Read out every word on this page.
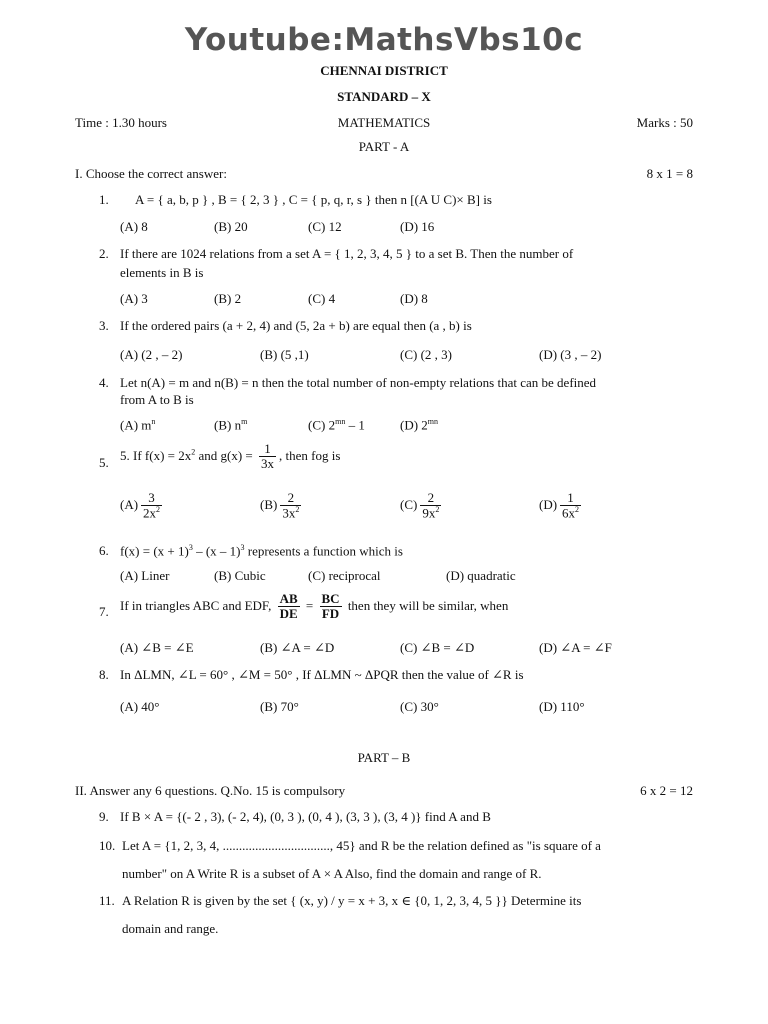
Youtube:MathsVbs10c
CHENNAI DISTRICT
STANDARD – X
Time : 1.30 hours	MATHEMATICS	Marks : 50
PART - A
I. Choose the correct answer:	8 x 1 = 8
1. A = { a, b, p } , B = { 2, 3 } , C = { p, q, r, s } then n [(A U C)× B] is
(A) 8	(B) 20	(C) 12	(D) 16
2. If there are 1024 relations from a set A = { 1, 2, 3, 4, 5 } to a set B. Then the number of
elements in B is
(A) 3	(B) 2	(C) 4	(D) 8
3. If the ordered pairs (a + 2, 4) and (5, 2a + b) are equal then (a , b) is
(A) (2 , – 2)	(B) (5 ,1)	(C) (2 , 3)	(D) (3 , – 2)
4. Let n(A) = m and n(B) = n then the total number of non-empty relations that can be defined
from A to B is
(A) $m^n$	(B) $n^m$	(C) $2^{mn} - 1$	(D) $2^{mn}$
5. 5. If $f(x) = 2x^2$ and $g(x) = \frac{1}{3x}$ , then fog is
$(A) \frac{3}{2x^2}$	$(B) \frac{2}{3x^2}$	$(C) \frac{2}{9x^2}$	$(D) \frac{1}{6x^2}$
6. $f(x) = (x + 1)^3 - (x - 1)^3$ represents a function which is
(A) Liner	(B) Cubic	(C) reciprocal	(D) quadratic
7. If in triangles ABC and EDF, $\frac{AB}{DE} = \frac{BC}{FD}$ then they will be similar, when
(A) ∠B = ∠E	(B) ∠A = ∠D	(C) ∠B = ∠D	(D) ∠A = ∠F
8. In ΔLMN, ∠L = 60° , ∠M = 50° , If ΔLMN ~ ΔPQR then the value of ∠R is
(A) 40°	(B) 70°	(C) 30°	(D) 110°
PART – B
II. Answer any 6 questions. Q.No. 15 is compulsory	6 x 2 = 12
9. If B × A = {(- 2 , 3), (- 2, 4), (0, 3 ), (0, 4 ), (3, 3 ), (3, 4 )} find A and B
10. Let A = {1, 2, 3, 4, ................................., 45} and R be the relation defined as "is square of a
number" on A Write R is a subset of A × A Also, find the domain and range of R.
11. A Relation R is given by the set { (x, y) / y = x + 3, x ∈ {0, 1, 2, 3, 4, 5 }} Determine its
domain and range.
